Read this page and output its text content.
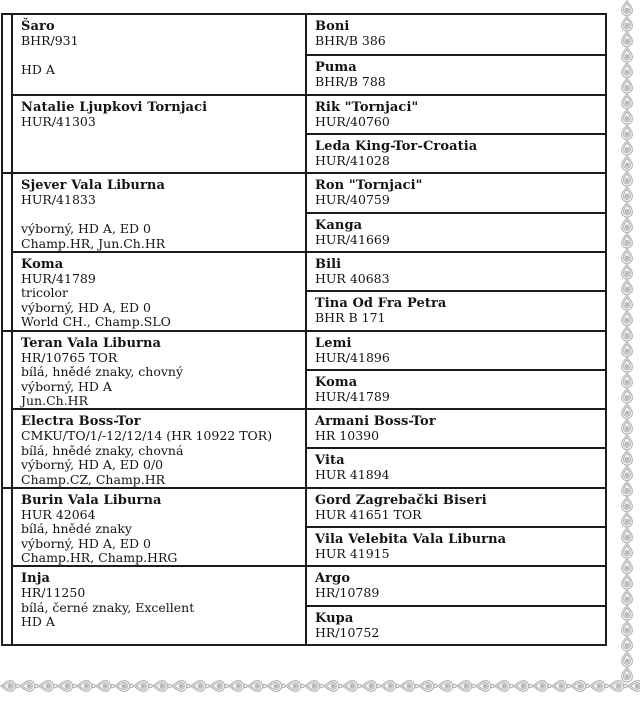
Šaro
BHR/931

HD A
Natalie Ljupkovi Tornjaci
HUR/41303
Sjever Vala Liburna
HUR/41833

výborný, HD A, ED 0
Champ.HR, Jun.Ch.HR
Koma
HUR/41789
tricolor
výborný, HD A, ED 0
World CH., Champ.SLO
Teran Vala Liburna
HR/10765 TOR
bílá, hnědé znaky, chovný
výborný, HD A
Jun.Ch.HR
Electra Boss-Tor
CMKU/TO/1/-12/12/14 (HR 10922 TOR)
bílá, hnědé znaky, chovná
výborný, HD A, ED 0/0
Champ.CZ, Champ.HR
Burin Vala Liburna
HUR 42064
bílá, hnědé znaky
výborný, HD A, ED 0
Champ.HR, Champ.HRG
Inja
HR/11250
bílá, černé znaky, Excellent
HD A
Boni
BHR/B 386
Puma
BHR/B 788
Rik "Tornjaci"
HUR/40760
Leda King-Tor-Croatia
HUR/41028
Ron "Tornjaci"
HUR/40759
Kanga
HUR/41669
Bili
HUR 40683
Tina Od Fra Petra
BHR B 171
Lemi
HUR/41896
Koma
HUR/41789
Armani Boss-Tor
HR 10390
Vita
HUR 41894
Gord Zagrebački Biseri
HUR 41651 TOR
Vila Velebita Vala Liburna
HUR 41915
Argo
HR/10789
Kupa
HR/10752
